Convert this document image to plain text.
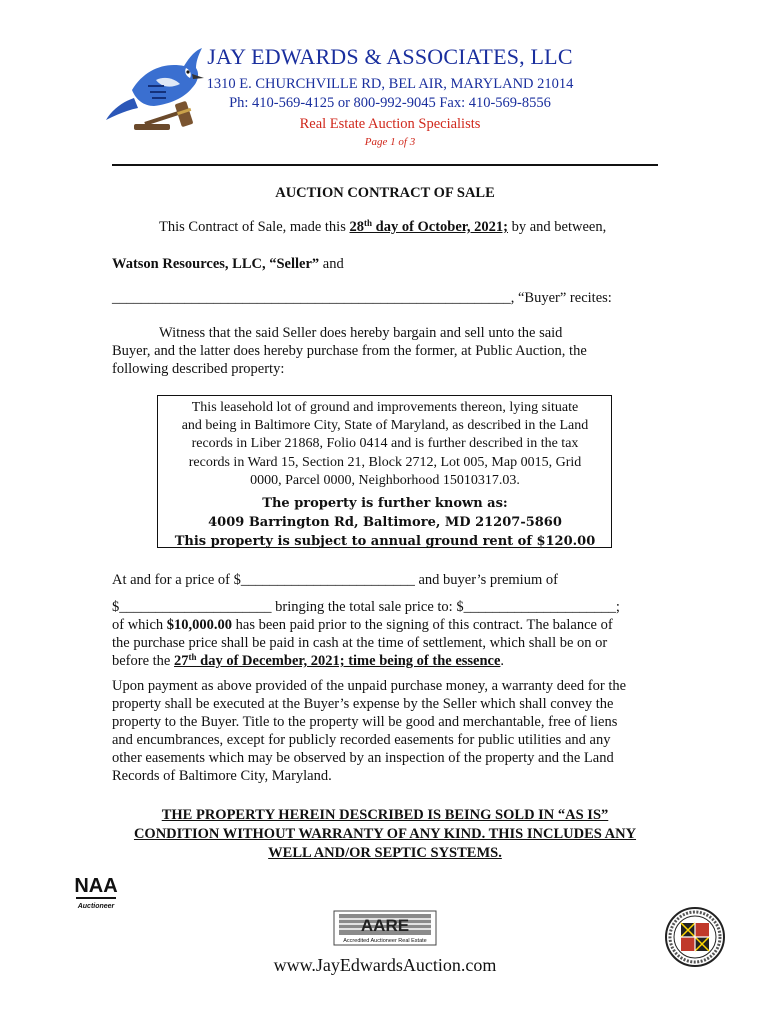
JAY EDWARDS & ASSOCIATES, LLC
1310 E. CHURCHVILLE RD, BEL AIR, MARYLAND 21014
Ph: 410-569-4125 or 800-992-9045 Fax: 410-569-8556
Real Estate Auction Specialists
Page 1 of 3
AUCTION CONTRACT OF SALE
This Contract of Sale, made this 28th day of October, 2021; by and between,
Watson Resources, LLC, “Seller” and
_______________________________________________________, “Buyer” recites:
Witness that the said Seller does hereby bargain and sell unto the said
Buyer, and the latter does hereby purchase from the former, at Public Auction, the
following described property:
This leasehold lot of ground and improvements thereon, lying situate
and being in Baltimore City, State of Maryland, as described in the Land
records in Liber 21868, Folio 0414 and is further described in the tax
records in Ward 15, Section 21, Block 2712, Lot 005, Map 0015, Grid
0000, Parcel 0000, Neighborhood 15010317.03.
The property is further known as:
4009 Barrington Rd, Baltimore, MD 21207-5860
This property is subject to annual ground rent of $120.00
At and for a price of $________________________ and buyer’s premium of
$_____________________ bringing the total sale price to: $_____________________;
of which $10,000.00 has been paid prior to the signing of this contract. The balance of
the purchase price shall be paid in cash at the time of settlement, which shall be on or
before the 27th day of December, 2021; time being of the essence.
Upon payment as above provided of the unpaid purchase money, a warranty deed for the
property shall be executed at the Buyer’s expense by the Seller which shall convey the
property to the Buyer. Title to the property will be good and merchantable, free of liens
and encumbrances, except for publicly recorded easements for public utilities and any
other easements which may be observed by an inspection of the property and the Land
Records of Baltimore City, Maryland.
THE PROPERTY HEREIN DESCRIBED IS BEING SOLD IN “AS IS”
CONDITION WITHOUT WARRANTY OF ANY KIND. THIS INCLUDES ANY
WELL AND/OR SEPTIC SYSTEMS.
NAA
Auctioneer
AARE
Accredited Auctioneer Real Estate
www.JayEdwardsAuction.com
